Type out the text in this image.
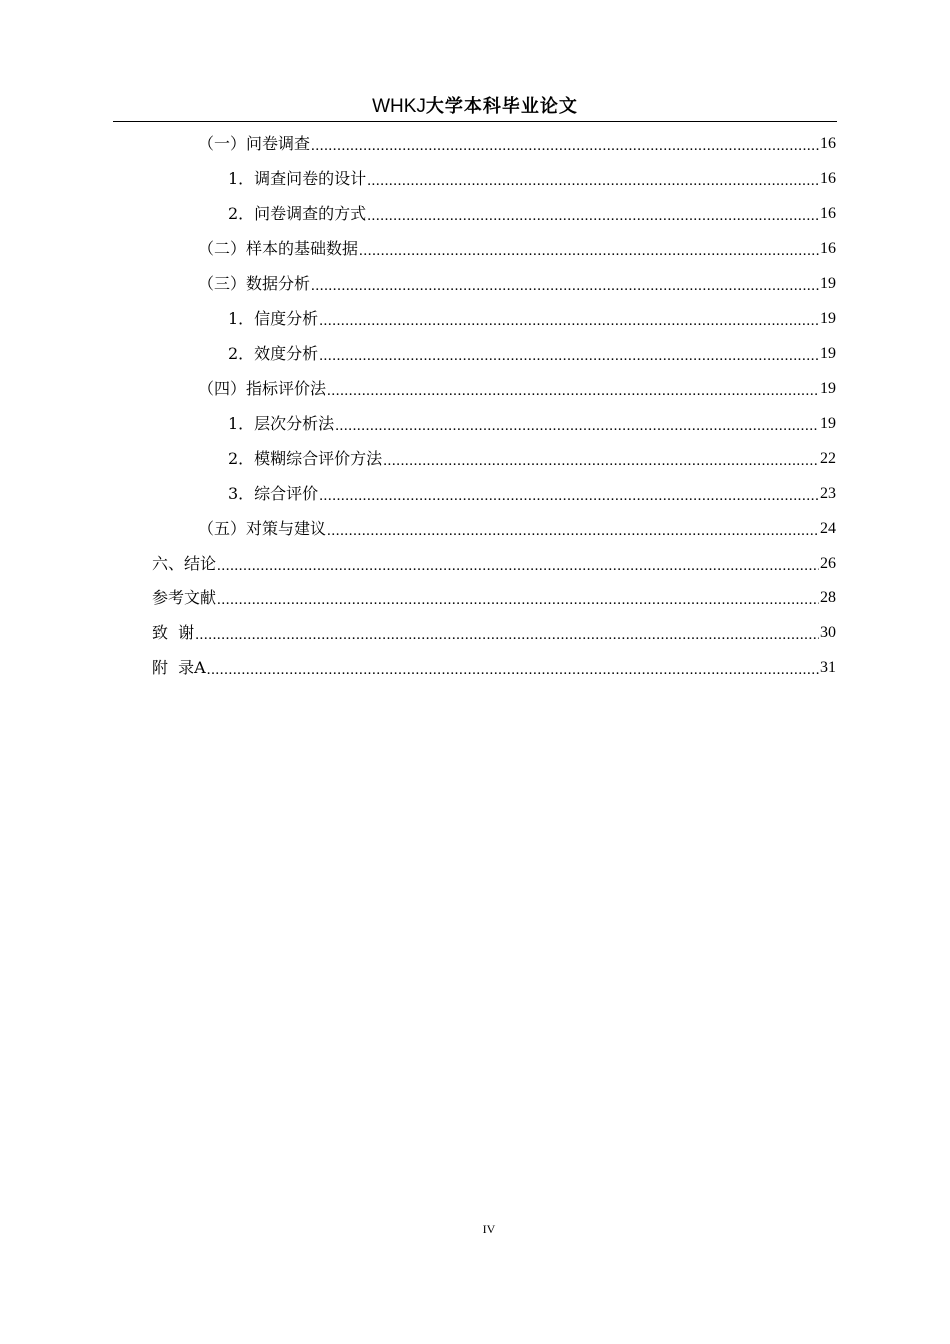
WHKJ大学本科毕业论文
（一）问卷调查 .....	16
1．调查问卷的设计 .....	16
2．问卷调查的方式 .....	16
（二）样本的基础数据 .....	16
（三）数据分析 .....	19
1．信度分析 .....	19
2．效度分析 .....	19
（四）指标评价法 .....	19
1．层次分析法 .....	19
2．模糊综合评价方法 .....	22
3．综合评价 .....	23
（五）对策与建议 .....	24
六、结论 .....	26
参考文献 .....	28
致  谢 .....	30
附  录A .....	31
IV
